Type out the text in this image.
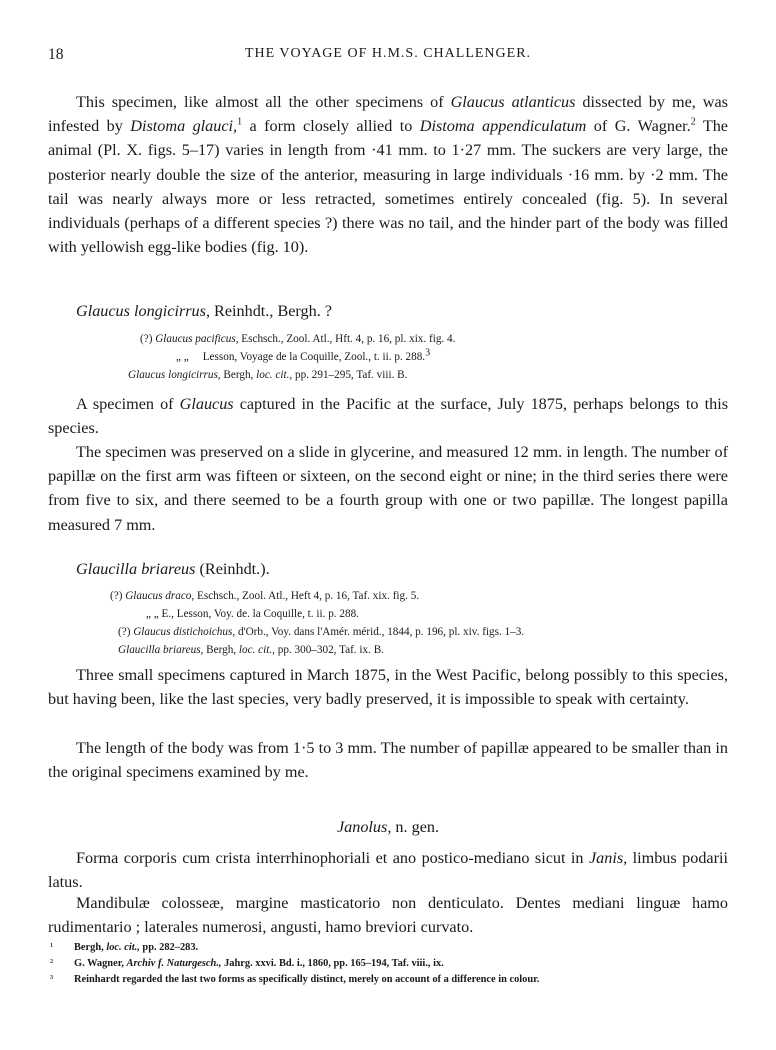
18	THE VOYAGE OF H.M.S. CHALLENGER.

This specimen, like almost all the other specimens of Glaucus atlanticus dissected by me, was infested by Distoma glauci,$^1$ a form closely allied to Distoma appendiculatum of G. Wagner.$^2$ The animal (Pl. X. figs. 5–17) varies in length from ·41 mm. to 1·27 mm. The suckers are very large, the posterior nearly double the size of the anterior, measuring in large individuals ·16 mm. by ·2 mm. The tail was nearly always more or less retracted, sometimes entirely concealed (fig. 5). In several individuals (perhaps of a different species ?) there was no tail, and the hinder part of the body was filled with yellowish egg-like bodies (fig. 10).

Glaucus longicirrus, Reinhdt., Bergh. ?

(?) Glaucus pacificus, Eschsch., Zool. Atl., Hft. 4, p. 16, pl. xix. fig. 4.
„ „ Lesson, Voyage de la Coquille, Zool., t. ii. p. 288.$^3$
Glaucus longicirrus, Bergh, loc. cit., pp. 291–295, Taf. viii. B.

A specimen of Glaucus captured in the Pacific at the surface, July 1875, perhaps belongs to this species.

The specimen was preserved on a slide in glycerine, and measured 12 mm. in length. The number of papillæ on the first arm was fifteen or sixteen, on the second eight or nine; in the third series there were from five to six, and there seemed to be a fourth group with one or two papillæ. The longest papilla measured 7 mm.

Glaucilla briareus (Reinhdt.).

(?) Glaucus draco, Eschsch., Zool. Atl., Heft 4, p. 16, Taf. xix. fig. 5.
„ „ E., Lesson, Voy. de. la Coquille, t. ii. p. 288.
(?) Glaucus distichoichus, d'Orb., Voy. dans l'Amér. mérid., 1844, p. 196, pl. xiv. figs. 1–3.
Glaucilla briareus, Bergh, loc. cit., pp. 300–302, Taf. ix. B.

Three small specimens captured in March 1875, in the West Pacific, belong possibly to this species, but having been, like the last species, very badly preserved, it is impossible to speak with certainty.

The length of the body was from 1·5 to 3 mm. The number of papillæ appeared to be smaller than in the original specimens examined by me.

Janolus, n. gen.

Forma corporis cum crista interrhinophoriali et ano postico-mediano sicut in Janis, limbus podarii latus.

Mandibulæ colosseæ, margine masticatorio non denticulato. Dentes mediani linguæ hamo rudimentario ; laterales numerosi, angusti, hamo breviori curvato.

¹ Bergh, loc. cit., pp. 282–283.
² G. Wagner, Archiv f. Naturgesch., Jahrg. xxvi. Bd. i., 1860, pp. 165–194, Taf. viii., ix.
³ Reinhardt regarded the last two forms as specifically distinct, merely on account of a difference in colour.
